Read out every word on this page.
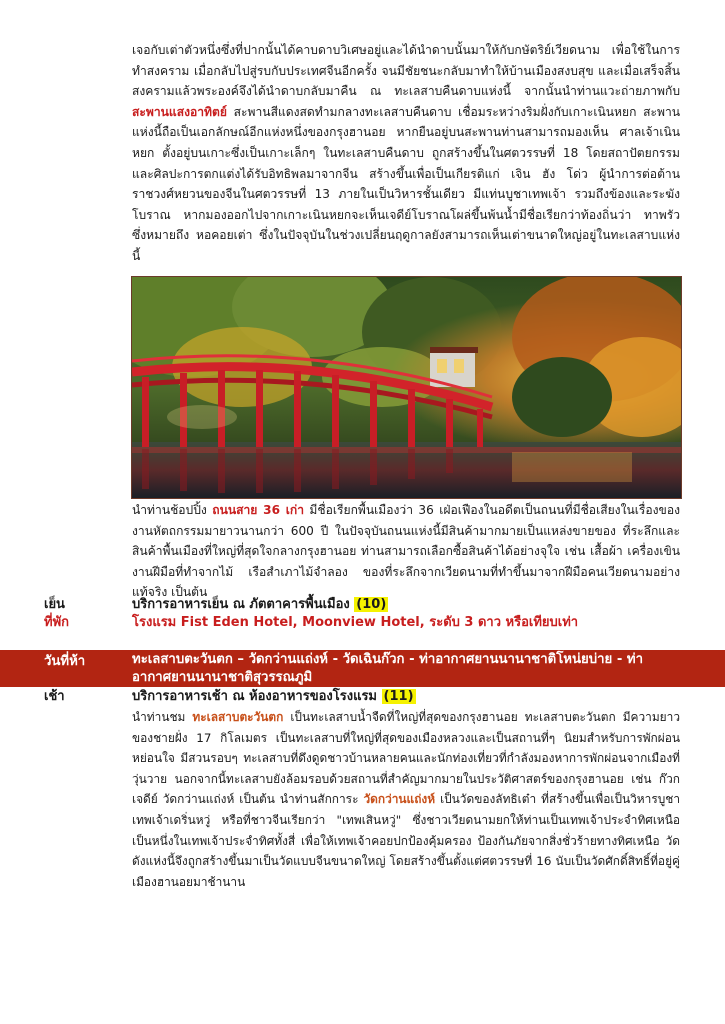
เจอกับเต่าตัวหนึ่งซึ่งที่ปากนั้นได้คาบดาบวิเศษอยู่และได้นำดาบนั้นมาให้กับกษัตริย์เวียดนาม เพื่อใช้ในการทำสงคราม เมื่อกลับไปสู่รบกับประเทศจีนอีกครั้ง จนมีชัยชนะกลับมาทำให้บ้านเมืองสงบสุข และเมื่อเสร็จสิ้นสงครามแล้วพระองค์จึงได้นำดาบกลับมาคืน ณ ทะเลสาบคืนดาบแห่งนี้ จากนั้นนำท่านแวะถ่ายภาพกับ สะพานแสงอาทิตย์ สะพานสีแดงสดทำมกลางทะเลสาบคืนดาบ เชื่อมระหว่างริมฝั่งกับเกาะเนินหยก สะพานแห่งนี้ถือเป็นเอกลักษณ์อีกแห่งหนึ่งของกรุงฮานอย หากยืนอยู่บนสะพานท่านสามารถมองเห็น ศาลเจ้าเนินหยก ตั้งอยู่บนเกาะซึ่งเป็นเกาะเล็กๆ ในทะเลสาบคืนดาบ ถูกสร้างขึ้นในศตวรรษที่ 18 โดยสถาปัตยกรรมและศิลปะการตกแต่งได้รับอิทธิพลมาจากจีน สร้างขึ้นเพื่อเป็นเกียรติแก่ เจิน ฮัง โด่ว ผู้นำการต่อต้านราชวงศ์หยวนของจีนในศตวรรษที่ 13 ภายในเป็นวิหารชั้นเดียว มีแท่นบูชาเทพเจ้า รวมถึงข้องและระฆังโบราณ หากมองออกไปจากเกาะเนินหยกจะเห็นเจดีย์โบราณโผล่ขึ้นพ้นน้ำมีชื่อเรียกว่าท้องถิ่นว่า ทาพรัว ซึ่งหมายถึง หอคอยเต่า ซึ่งในปัจจุบันในช่วงเปลี่ยนฤดูกาลยังสามารถเห็นเต่าขนาดใหญ่อยู่ในทะเลสาบแห่งนี้

นำท่านช้อปปิ้ง ถนนสาย 36 เก่า มีชื่อเรียกพื้นเมืองว่า 36 เฝ่อเฟืองในอดีตเป็นถนนที่มีชื่อเสียงในเรื่องของงานหัตถกรรมมายาวนานกว่า 600 ปี ในปัจจุบันถนนแห่งนี้มีสินค้ามากมายเป็นแหล่งขายของ ที่ระลึกและสินค้าพื้นเมืองที่ใหญ่ที่สุดใจกลางกรุงฮานอย ท่านสามารถเลือกซื้อสินค้าได้อย่างจุใจ เช่น เสื้อผ้า เครื่องเขิน งานฝีมือที่ทำจากไม้ เรือสำเภาไม้จำลอง ของที่ระลึกจากเวียดนามที่ทำขึ้นมาจากฝีมือคนเวียดนามอย่างแท้จริง เป็นต้น

เย็น	บริการอาหารเย็น ณ ภัตตาคารพื้นเมือง (10)
ที่พัก	โรงแรม Fist Eden Hotel, Moonview Hotel, ระดับ 3 ดาว หรือเทียบเท่า
วันที่ห้า	ทะเลสาบตะวันตก – วัดกว่านแถ่งห์ - วัดเฉินก๊วก - ท่าอากาศยานนานาชาติโหน่ยบ่าย - ท่าอากาศยานนานาชาติสุวรรณภูมิ
เช้า	บริการอาหารเช้า ณ ห้องอาหารของโรงแรม (11)

นำท่านชม ทะเลสาบตะวันตก เป็นทะเลสาบน้ำจืดที่ใหญ่ที่สุดของกรุงฮานอย ทะเลสาบตะวันตก มีความยาวของชายฝั่ง 17 กิโลเมตร เป็นทะเลสาบที่ใหญ่ที่สุดของเมืองหลวงและเป็นสถานที่ๆ นิยมสำหรับการพักผ่อนหย่อนใจ มีสวนรอบๆ ทะเลสาบที่ดึงดูดชาวบ้านหลายคนและนักท่องเที่ยวที่กำลังมองหาการพักผ่อนจากเมืองที่วุ่นวาย นอกจากนี้ทะเลสาบยังล้อมรอบด้วยสถานที่สำคัญมากมายในประวัติศาสตร์ของกรุงฮานอย เช่น ก๊วกเจดีย์ วัดกว่านแถ่งห์ เป็นต้น นำท่านสักการะ วัดกว่านแถ่งห์ เป็นวัดของลัทธิเต๋า ที่สร้างขึ้นเพื่อเป็นวิหารบูชาเทพเจ้าเดริ่นหวู่ หรือที่ชาวจีนเรียกว่า "เทพเสินหวู่" ซึ่งชาวเวียดนามยกให้ท่านเป็นเทพเจ้าประจำทิศเหนือ เป็นหนึ่งในเทพเจ้าประจำทิศทั้งสี่ เพื่อให้เทพเจ้าคอยปกป้องคุ้มครอง ป้องกันภัยจากสิ่งชั่วร้ายทางทิศเหนือ วัดดังแห่งนี้จึงถูกสร้างขึ้นมาเป็นวัดแบบจีนขนาดใหญ่ โดยสร้างขึ้นตั้งแต่ศตวรรษที่ 16 นับเป็นวัดศักดิ์สิทธิ์ที่อยู่คู่เมืองฮานอยมาช้านาน
